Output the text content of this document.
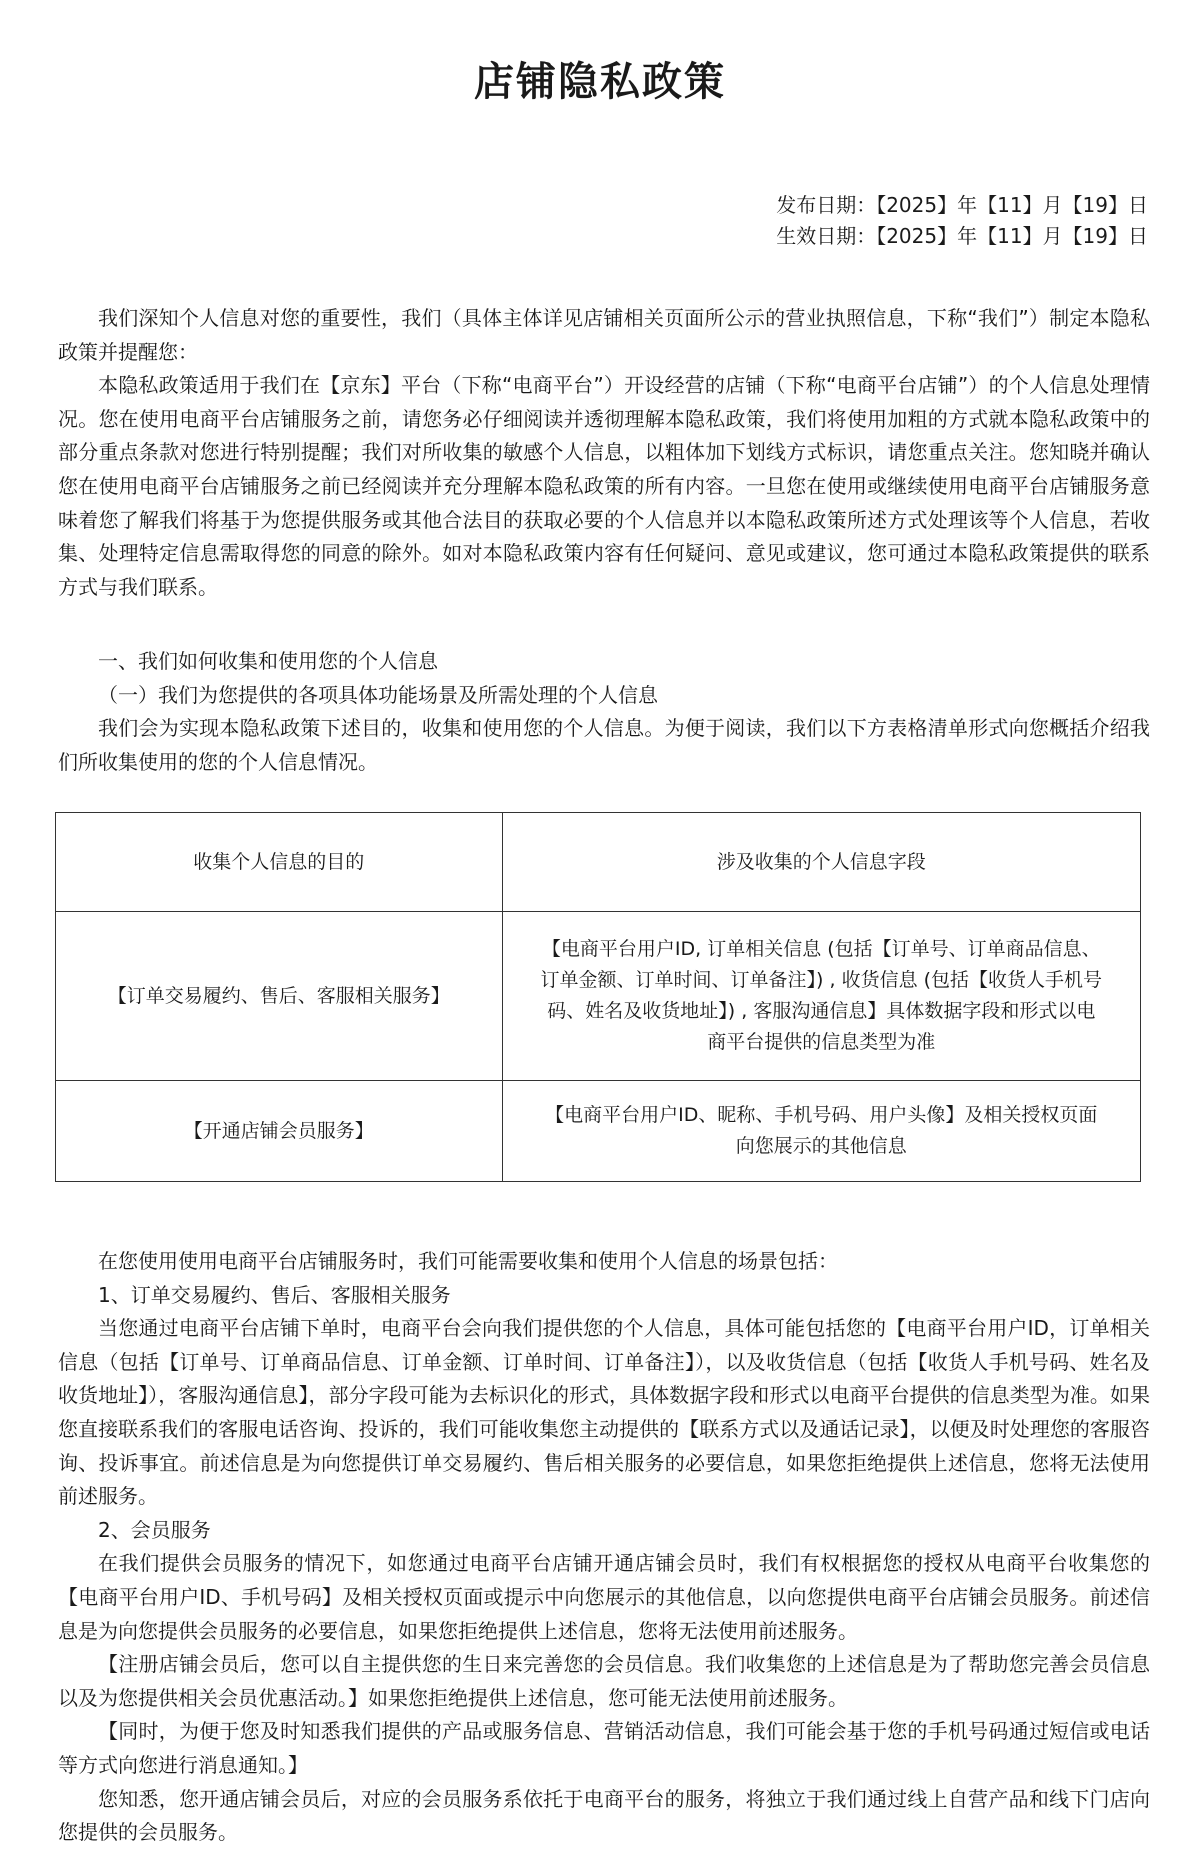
店铺隐私政策
发布日期：【2025】年【11】月【19】日
生效日期：【2025】年【11】月【19】日

我们深知个人信息对您的重要性，我们（具体主体详见店铺相关页面所公示的营业执照信息，下称“我们”）制定本隐私政策并提醒您：

本隐私政策适用于我们在【京东】平台（下称“电商平台”）开设经营的店铺（下称“电商平台店铺”）的个人信息处理情况。您在使用电商平台店铺服务之前，请您务必仔细阅读并透彻理解本隐私政策，我们将使用加粗的方式就本隐私政策中的部分重点条款对您进行特别提醒；我们对所收集的敏感个人信息，以粗体加下划线方式标识，请您重点关注。您知晓并确认您在使用电商平台店铺服务之前已经阅读并充分理解本隐私政策的所有内容。一旦您在使用或继续使用电商平台店铺服务意味着您了解我们将基于为您提供服务或其他合法目的获取必要的个人信息并以本隐私政策所述方式处理该等个人信息，若收集、处理特定信息需取得您的同意的除外。如对本隐私政策内容有任何疑问、意见或建议，您可通过本隐私政策提供的联系方式与我们联系。

一、我们如何收集和使用您的个人信息

（一）我们为您提供的各项具体功能场景及所需处理的个人信息

我们会为实现本隐私政策下述目的，收集和使用您的个人信息。为便于阅读，我们以下方表格清单形式向您概括介绍我们所收集使用的您的个人信息情况。

收集个人信息的目的	涉及收集的个人信息字段
【订单交易履约、售后、客服相关服务】	【电商平台用户ID, 订单相关信息 (包括【订单号、订单商品信息、订单金额、订单时间、订单备注】) , 收货信息 (包括【收货人手机号码、姓名及收货地址】) , 客服沟通信息】具体数据字段和形式以电商平台提供的信息类型为准
【开通店铺会员服务】	【电商平台用户ID、昵称、手机号码、用户头像】及相关授权页面向您展示的其他信息

在您使用使用电商平台店铺服务时，我们可能需要收集和使用个人信息的场景包括：

1、订单交易履约、售后、客服相关服务

当您通过电商平台店铺下单时，电商平台会向我们提供您的个人信息，具体可能包括您的【电商平台用户ID，订单相关信息（包括【订单号、订单商品信息、订单金额、订单时间、订单备注】），以及收货信息（包括【收货人手机号码、姓名及收货地址】），客服沟通信息】，部分字段可能为去标识化的形式，具体数据字段和形式以电商平台提供的信息类型为准。如果您直接联系我们的客服电话咨询、投诉的，我们可能收集您主动提供的【联系方式以及通话记录】，以便及时处理您的客服咨询、投诉事宜。前述信息是为向您提供订单交易履约、售后相关服务的必要信息，如果您拒绝提供上述信息，您将无法使用前述服务。

2、会员服务

在我们提供会员服务的情况下，如您通过电商平台店铺开通店铺会员时，我们有权根据您的授权从电商平台收集您的【电商平台用户ID、手机号码】及相关授权页面或提示中向您展示的其他信息，以向您提供电商平台店铺会员服务。前述信息是为向您提供会员服务的必要信息，如果您拒绝提供上述信息，您将无法使用前述服务。

【注册店铺会员后，您可以自主提供您的生日来完善您的会员信息。我们收集您的上述信息是为了帮助您完善会员信息以及为您提供相关会员优惠活动。】如果您拒绝提供上述信息，您可能无法使用前述服务。

【同时，为便于您及时知悉我们提供的产品或服务信息、营销活动信息，我们可能会基于您的手机号码通过短信或电话等方式向您进行消息通知。】

您知悉，您开通店铺会员后，对应的会员服务系依托于电商平台的服务，将独立于我们通过线上自营产品和线下门店向您提供的会员服务。
